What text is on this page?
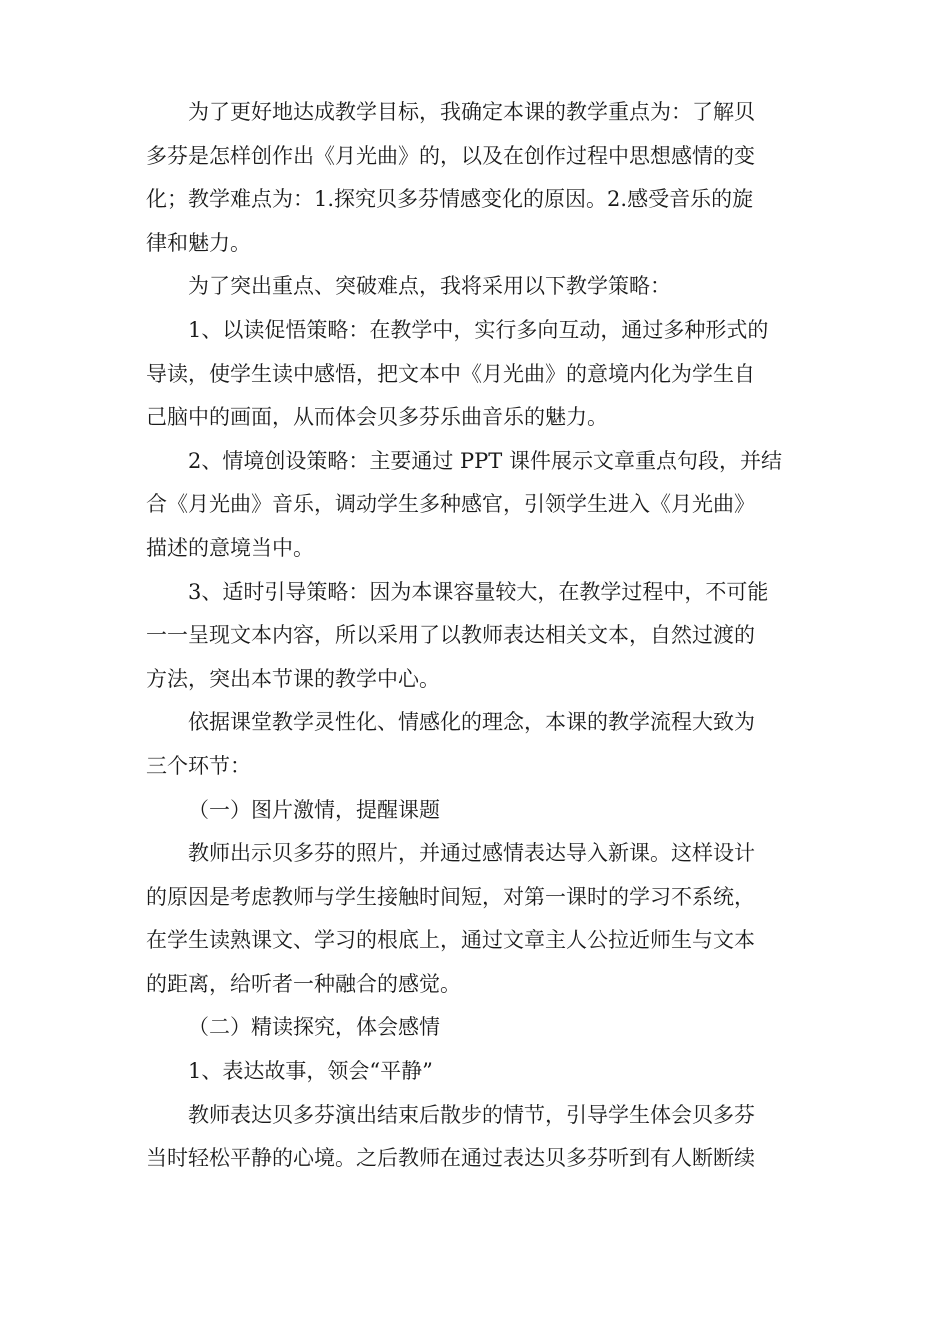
为了更好地达成教学目标，我确定本课的教学重点为：了解贝
多芬是怎样创作出《月光曲》的，以及在创作过程中思想感情的变
化；教学难点为：1.探究贝多芬情感变化的原因。2.感受音乐的旋
律和魅力。
为了突出重点、突破难点，我将采用以下教学策略：
1、以读促悟策略：在教学中，实行多向互动，通过多种形式的
导读，使学生读中感悟，把文本中《月光曲》的意境内化为学生自
己脑中的画面，从而体会贝多芬乐曲音乐的魅力。
2、情境创设策略：主要通过 PPT 课件展示文章重点句段，并结
合《月光曲》音乐，调动学生多种感官，引领学生进入《月光曲》
描述的意境当中。
3、适时引导策略：因为本课容量较大，在教学过程中，不可能
一一呈现文本内容，所以采用了以教师表达相关文本，自然过渡的
方法，突出本节课的教学中心。
依据课堂教学灵性化、情感化的理念，本课的教学流程大致为
三个环节：
（一）图片激情，提醒课题
教师出示贝多芬的照片，并通过感情表达导入新课。这样设计
的原因是考虑教师与学生接触时间短，对第一课时的学习不系统，
在学生读熟课文、学习的根底上，通过文章主人公拉近师生与文本
的距离，给听者一种融合的感觉。
（二）精读探究，体会感情
1、表达故事，领会“平静”
教师表达贝多芬演出结束后散步的情节，引导学生体会贝多芬
当时轻松平静的心境。之后教师在通过表达贝多芬听到有人断断续
